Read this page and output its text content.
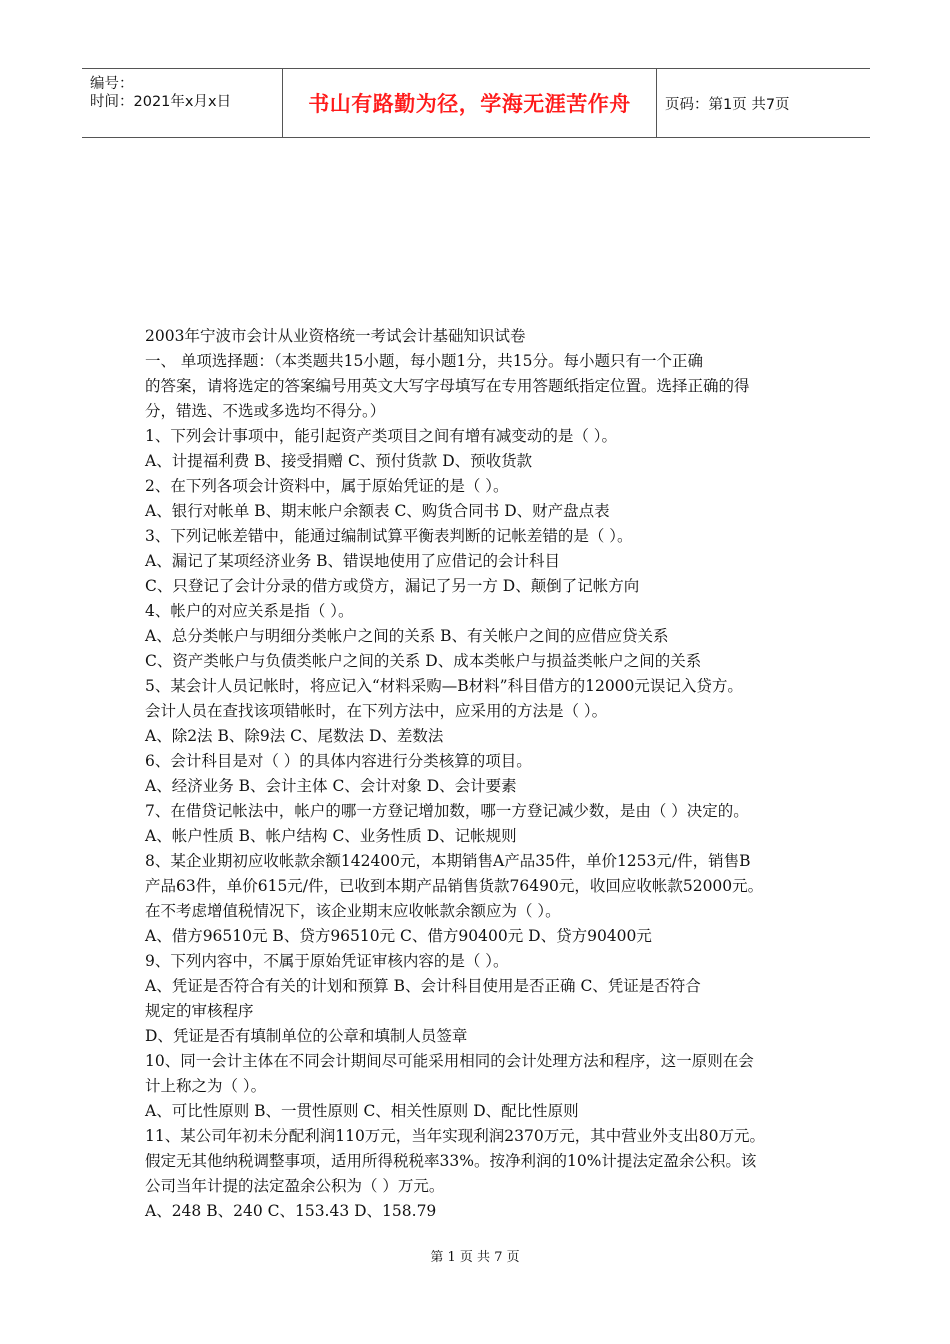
编号：
时间：2021年x月x日	书山有路勤为径，学海无涯苦作舟 页码：第1页 共7页
2003年宁波市会计从业资格统一考试会计基础知识试卷
一、 单项选择题：（本类题共15小题，每小题1分，共15分。每小题只有一个正确
的答案，请将选定的答案编号用英文大写字母填写在专用答题纸指定位置。选择正确的得
分，错选、不选或多选均不得分。）
1、下列会计事项中，能引起资产类项目之间有增有减变动的是（ ）。
A、计提福利费 B、接受捐赠 C、预付货款 D、预收货款
2、在下列各项会计资料中，属于原始凭证的是（ ）。
A、银行对帐单 B、期末帐户余额表 C、购货合同书 D、财产盘点表
3、下列记帐差错中，能通过编制试算平衡表判断的记帐差错的是（ ）。
A、漏记了某项经济业务 B、错误地使用了应借记的会计科目
C、只登记了会计分录的借方或贷方，漏记了另一方 D、颠倒了记帐方向
4、帐户的对应关系是指（ ）。
A、总分类帐户与明细分类帐户之间的关系 B、有关帐户之间的应借应贷关系
C、资产类帐户与负债类帐户之间的关系 D、成本类帐户与损益类帐户之间的关系
5、某会计人员记帐时，将应记入“材料采购—B材料”科目借方的12000元误记入贷方。
会计人员在查找该项错帐时，在下列方法中，应采用的方法是（ ）。
A、除2法 B、除9法 C、尾数法 D、差数法
6、会计科目是对（ ）的具体内容进行分类核算的项目。
A、经济业务 B、会计主体 C、会计对象 D、会计要素
7、在借贷记帐法中，帐户的哪一方登记增加数，哪一方登记减少数，是由（ ）决定的。
A、帐户性质 B、帐户结构 C、业务性质 D、记帐规则
8、某企业期初应收帐款余额142400元，本期销售A产品35件，单价1253元/件，销售B
产品63件，单价615元/件，已收到本期产品销售货款76490元，收回应收帐款52000元。
在不考虑增值税情况下，该企业期末应收帐款余额应为（ ）。
A、借方96510元 B、贷方96510元 C、借方90400元 D、贷方90400元
9、下列内容中，不属于原始凭证审核内容的是（ ）。
A、凭证是否符合有关的计划和预算 B、会计科目使用是否正确 C、凭证是否符合
规定的审核程序
D、凭证是否有填制单位的公章和填制人员签章
10、同一会计主体在不同会计期间尽可能采用相同的会计处理方法和程序，这一原则在会
计上称之为（ ）。
A、可比性原则 B、一贯性原则 C、相关性原则 D、配比性原则
11、某公司年初未分配利润110万元，当年实现利润2370万元，其中营业外支出80万元。
假定无其他纳税调整事项，适用所得税税率33%。按净利润的10%计提法定盈余公积。该
公司当年计提的法定盈余公积为（ ）万元。
A、248 B、240 C、153.43 D、158.79
第 1 页 共 7 页
